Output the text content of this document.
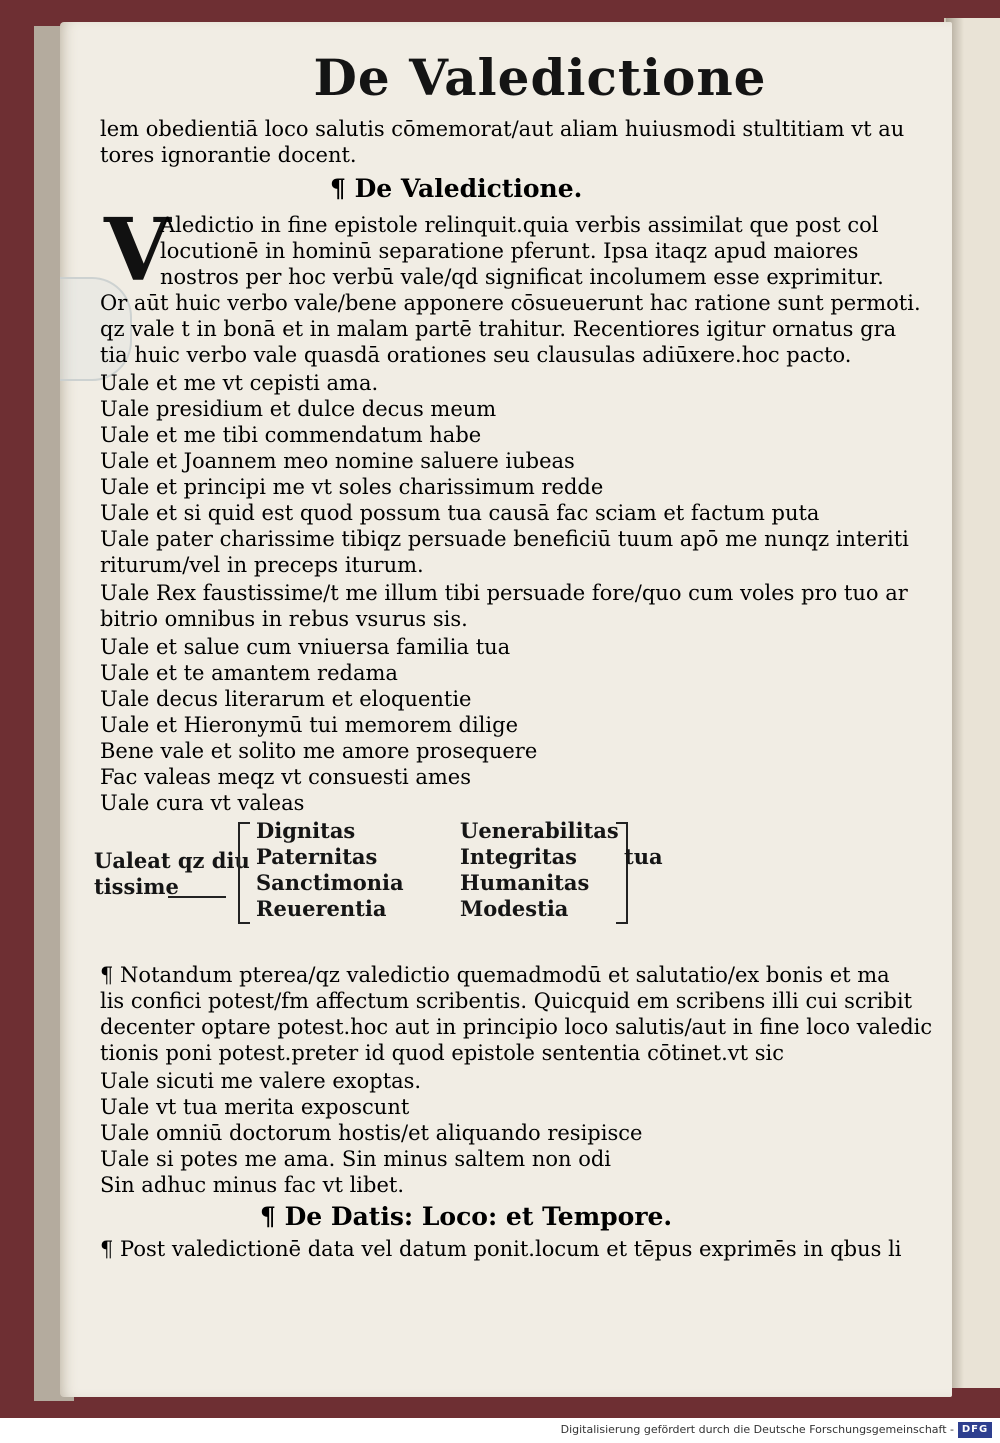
De Valedictione
lem obedientiā loco salutis cōmemorat/aut aliam huiusmodi stultitiam vt au
tores ignorantie docent.
¶ De Valedictione.
V
Aledictio in fine epistole relinquit.quia verbis assimilat que post col
locutionē in hominū separatione pferunt. Ipsa itaqz apud maiores
nostros per hoc verbū vale/qd significat incolumem esse exprimitur.
Or aūt huic verbo vale/bene apponere cōsueuerunt hac ratione sunt permoti.
qz vale t in bonā et in malam partē trahitur. Recentiores igitur ornatus gra
tia huic verbo vale quasdā orationes seu clausulas adiūxere.hoc pacto.
Uale et me vt cepisti ama.
Uale presidium et dulce decus meum
Uale et me tibi commendatum habe
Uale et Joannem meo nomine saluere iubeas
Uale et principi me vt soles charissimum redde
Uale et si quid est quod possum tua causā fac sciam et factum puta
Uale pater charissime tibiqz persuade beneficiū tuum apō me nunqz interiti
riturum/vel in preceps iturum.
Uale Rex faustissime/t me illum tibi persuade fore/quo cum voles pro tuo ar
bitrio omnibus in rebus vsurus sis.
Uale et salue cum vniuersa familia tua
Uale et te amantem redama
Uale decus literarum et eloquentie
Uale et Hieronymū tui memorem dilige
Bene vale et solito me amore prosequere
Fac valeas meqz vt consuesti ames
Uale cura vt valeas
Ualeat qz diu
tissime
Dignitas
Paternitas
Sanctimonia
Reuerentia
Uenerabilitas
Integritas
Humanitas
Modestia
tua
¶ Notandum pterea/qz valedictio quemadmodū et salutatio/ex bonis et ma
lis confici potest/fm affectum scribentis. Quicquid em scribens illi cui scribit
decenter optare potest.hoc aut in principio loco salutis/aut in fine loco valedic
tionis poni potest.preter id quod epistole sententia cōtinet.vt sic
Uale sicuti me valere exoptas.
Uale vt tua merita exposcunt
Uale omniū doctorum hostis/et aliquando resipisce
Uale si potes me ama. Sin minus saltem non odi
Sin adhuc minus fac vt libet.
¶ De Datis: Loco: et Tempore.
¶ Post valedictionē data vel datum ponit.locum et tēpus exprimēs in qbus li
Digitalisierung gefördert durch die Deutsche Forschungsgemeinschaft - DFG
